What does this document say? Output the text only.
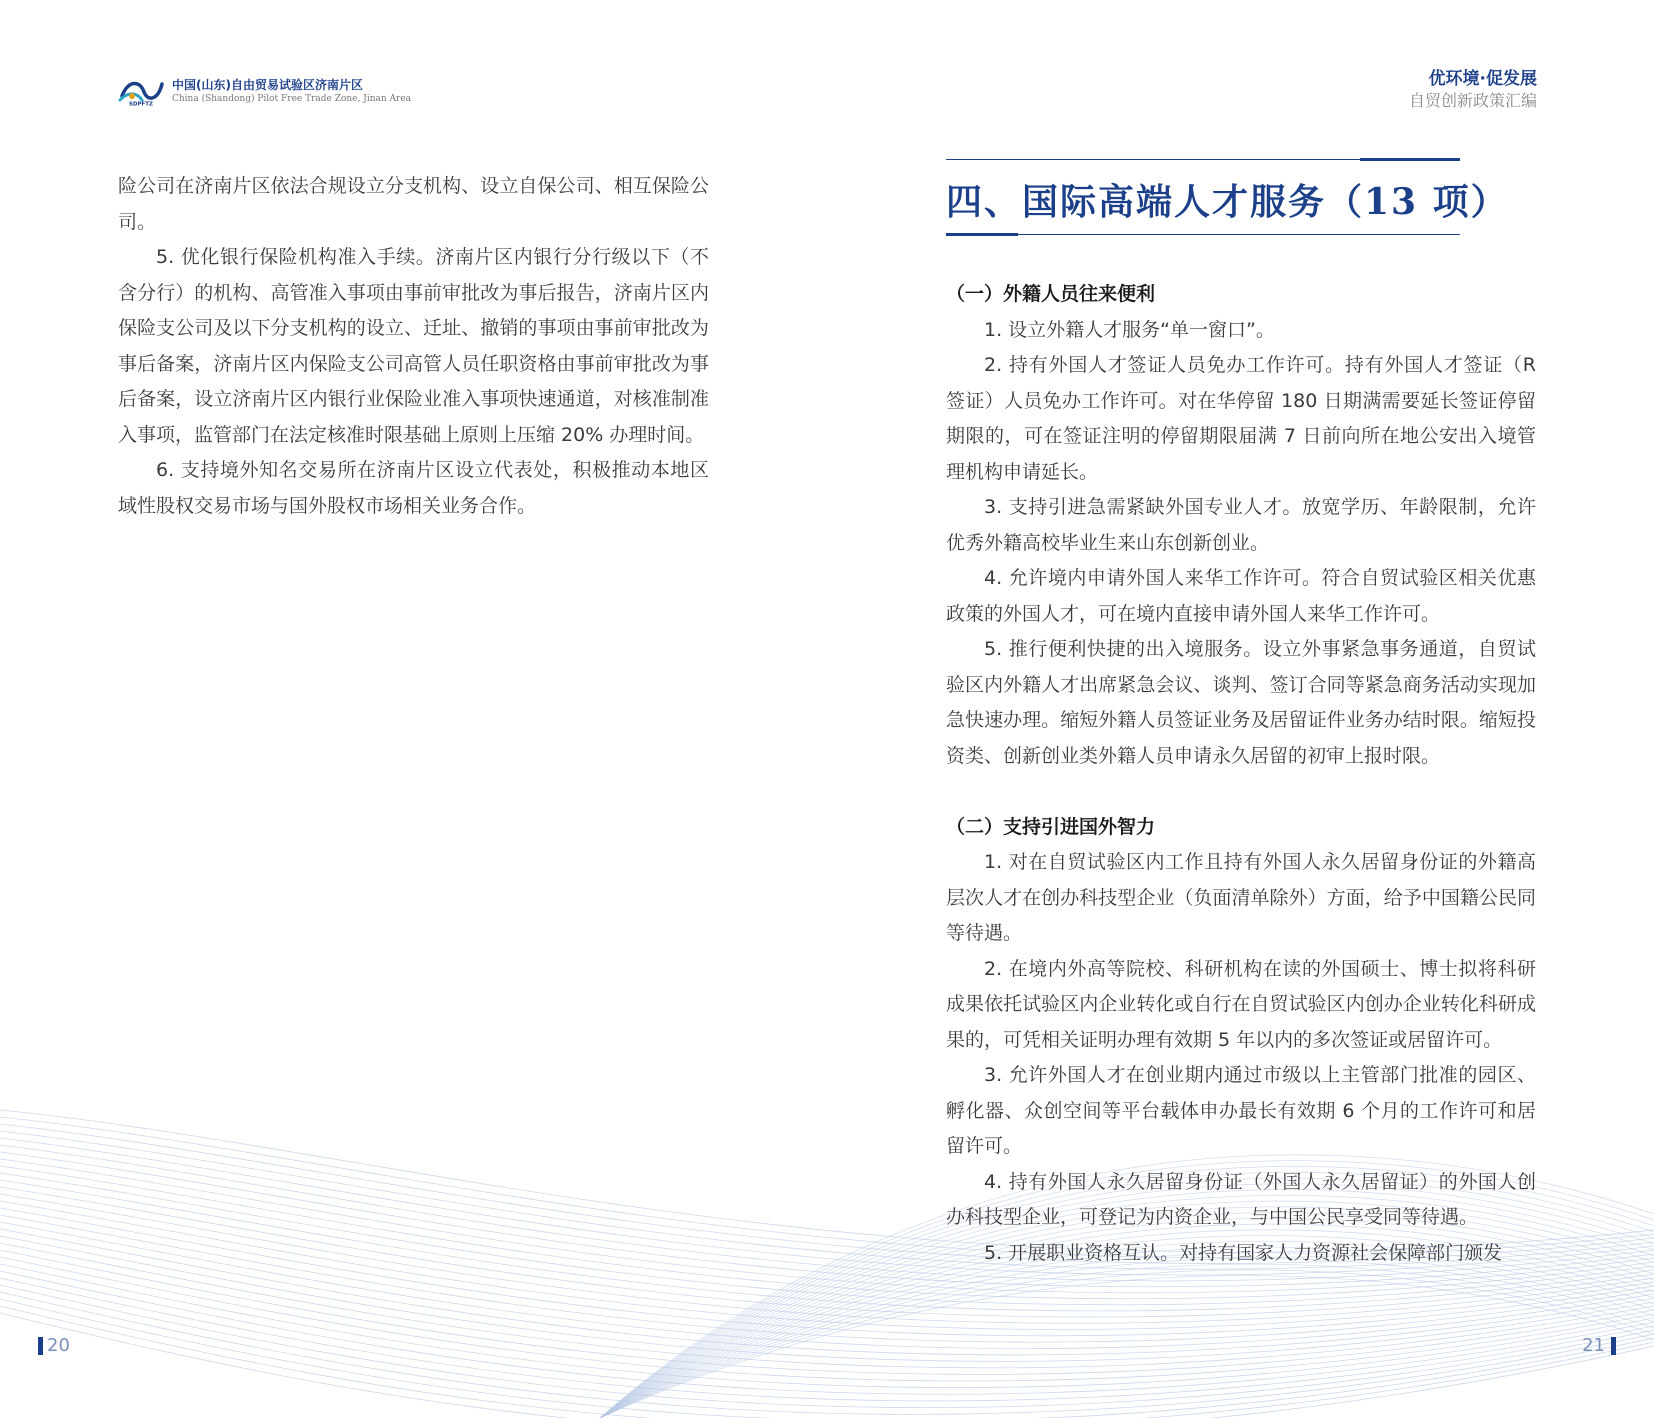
SDPFTZ
中国(山东)自由贸易试验区济南片区
China (Shandong) Pilot Free Trade Zone, Jinan Area
优环境·促发展
自贸创新政策汇编

险公司在济南片区依法合规设立分支机构、设立自保公司、相互保险公司。

5. 优化银行保险机构准入手续。济南片区内银行分行级以下（不含分行）的机构、高管准入事项由事前审批改为事后报告，济南片区内保险支公司及以下分支机构的设立、迁址、撤销的事项由事前审批改为事后备案，济南片区内保险支公司高管人员任职资格由事前审批改为事后备案，设立济南片区内银行业保险业准入事项快速通道，对核准制准入事项，监管部门在法定核准时限基础上原则上压缩 20% 办理时间。

6. 支持境外知名交易所在济南片区设立代表处，积极推动本地区域性股权交易市场与国外股权市场相关业务合作。

四、国际高端人才服务（13 项）
（一）外籍人员往来便利

1. 设立外籍人才服务“单一窗口”。

2. 持有外国人才签证人员免办工作许可。持有外国人才签证（R 签证）人员免办工作许可。对在华停留 180 日期满需要延长签证停留期限的，可在签证注明的停留期限届满 7 日前向所在地公安出入境管理机构申请延长。

3. 支持引进急需紧缺外国专业人才。放宽学历、年龄限制，允许优秀外籍高校毕业生来山东创新创业。

4. 允许境内申请外国人来华工作许可。符合自贸试验区相关优惠政策的外国人才，可在境内直接申请外国人来华工作许可。

5. 推行便利快捷的出入境服务。设立外事紧急事务通道，自贸试验区内外籍人才出席紧急会议、谈判、签订合同等紧急商务活动实现加急快速办理。缩短外籍人员签证业务及居留证件业务办结时限。缩短投资类、创新创业类外籍人员申请永久居留的初审上报时限。

（二）支持引进国外智力

1. 对在自贸试验区内工作且持有外国人永久居留身份证的外籍高层次人才在创办科技型企业（负面清单除外）方面，给予中国籍公民同等待遇。

2. 在境内外高等院校、科研机构在读的外国硕士、博士拟将科研成果依托试验区内企业转化或自行在自贸试验区内创办企业转化科研成果的，可凭相关证明办理有效期 5 年以内的多次签证或居留许可。

3. 允许外国人才在创业期内通过市级以上主管部门批准的园区、孵化器、众创空间等平台载体申办最长有效期 6 个月的工作许可和居留许可。

4. 持有外国人永久居留身份证（外国人永久居留证）的外国人创办科技型企业，可登记为内资企业，与中国公民享受同等待遇。

5. 开展职业资格互认。对持有国家人力资源社会保障部门颁发

20	21
